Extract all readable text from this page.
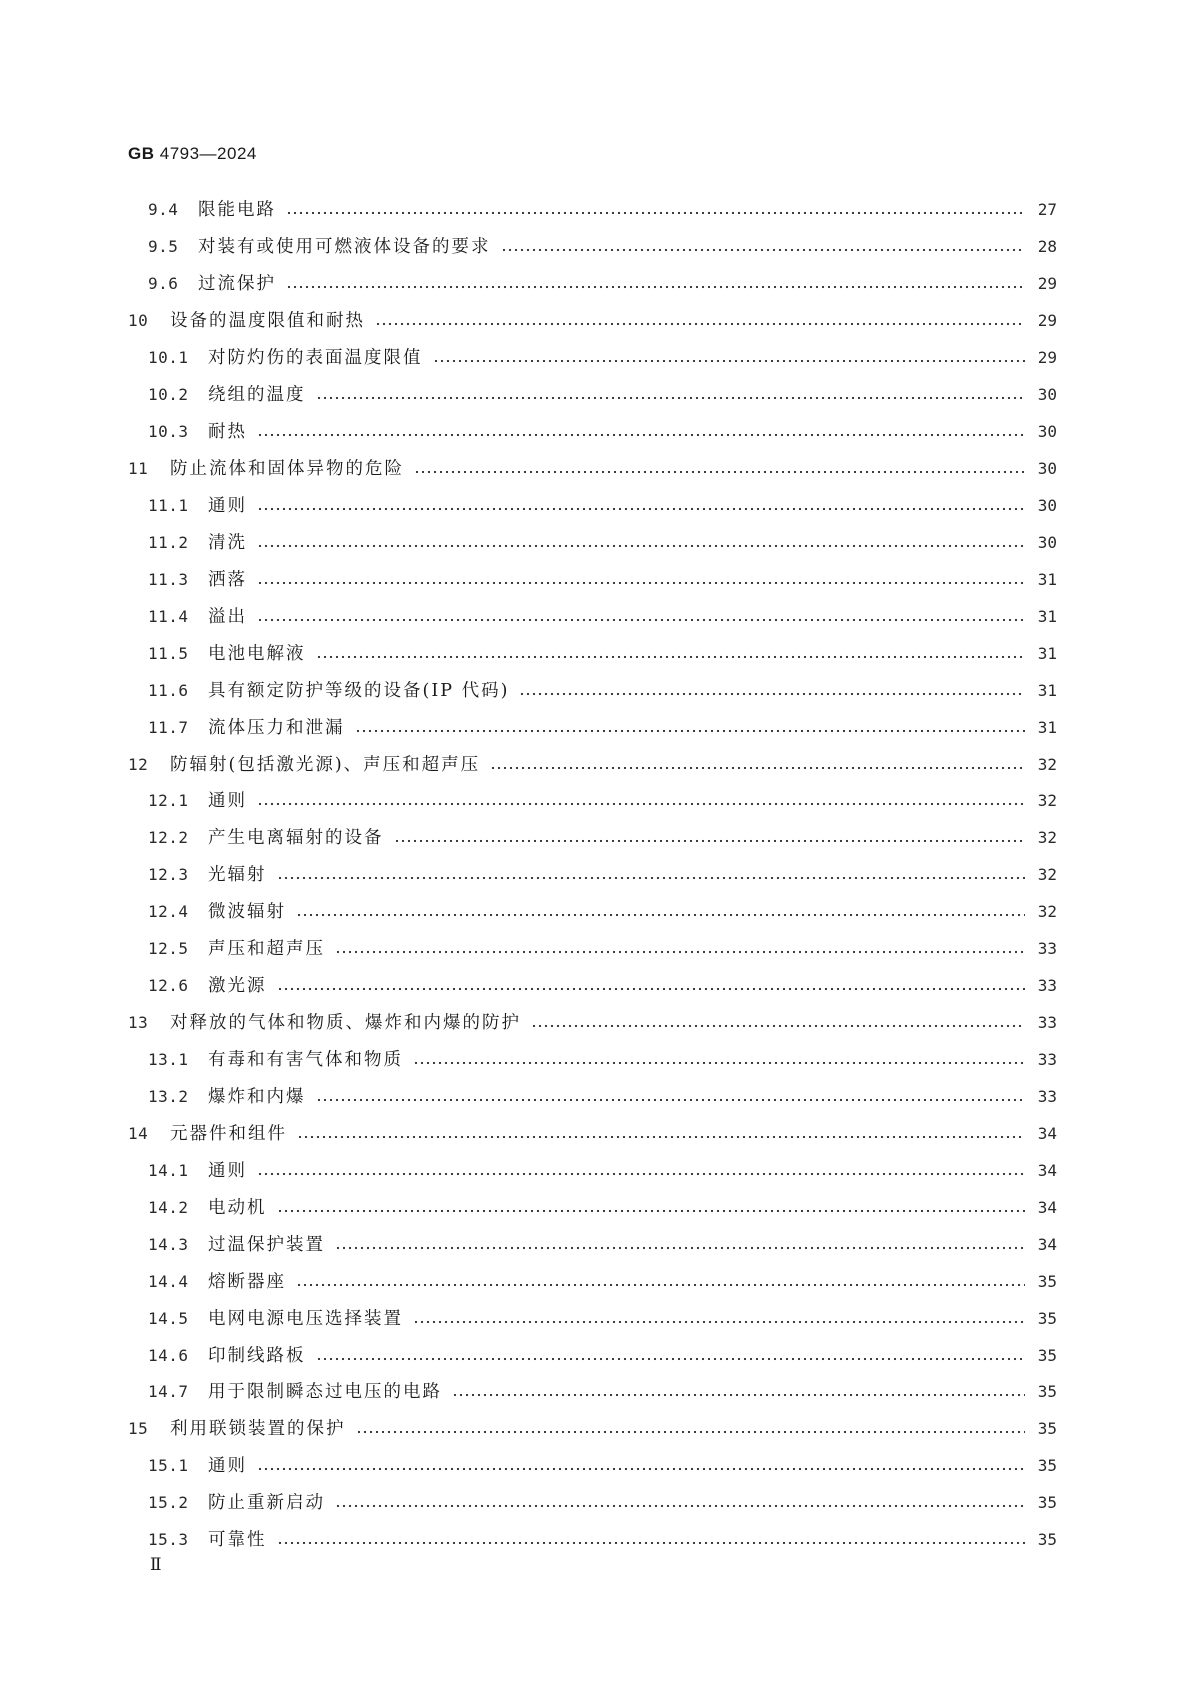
GB 4793—2024
9.4	限能电路	27
9.5	对装有或使用可燃液体设备的要求	28
9.6	过流保护	29
10	设备的温度限值和耐热	29
10.1	对防灼伤的表面温度限值	29
10.2	绕组的温度	30
10.3	耐热	30
11	防止流体和固体异物的危险	30
11.1	通则	30
11.2	清洗	30
11.3	洒落	31
11.4	溢出	31
11.5	电池电解液	31
11.6	具有额定防护等级的设备(IP 代码)	31
11.7	流体压力和泄漏	31
12	防辐射(包括激光源)、声压和超声压	32
12.1	通则	32
12.2	产生电离辐射的设备	32
12.3	光辐射	32
12.4	微波辐射	32
12.5	声压和超声压	33
12.6	激光源	33
13	对释放的气体和物质、爆炸和内爆的防护	33
13.1	有毒和有害气体和物质	33
13.2	爆炸和内爆	33
14	元器件和组件	34
14.1	通则	34
14.2	电动机	34
14.3	过温保护装置	34
14.4	熔断器座	35
14.5	电网电源电压选择装置	35
14.6	印制线路板	35
14.7	用于限制瞬态过电压的电路	35
15	利用联锁装置的保护	35
15.1	通则	35
15.2	防止重新启动	35
15.3	可靠性	35
Ⅱ
